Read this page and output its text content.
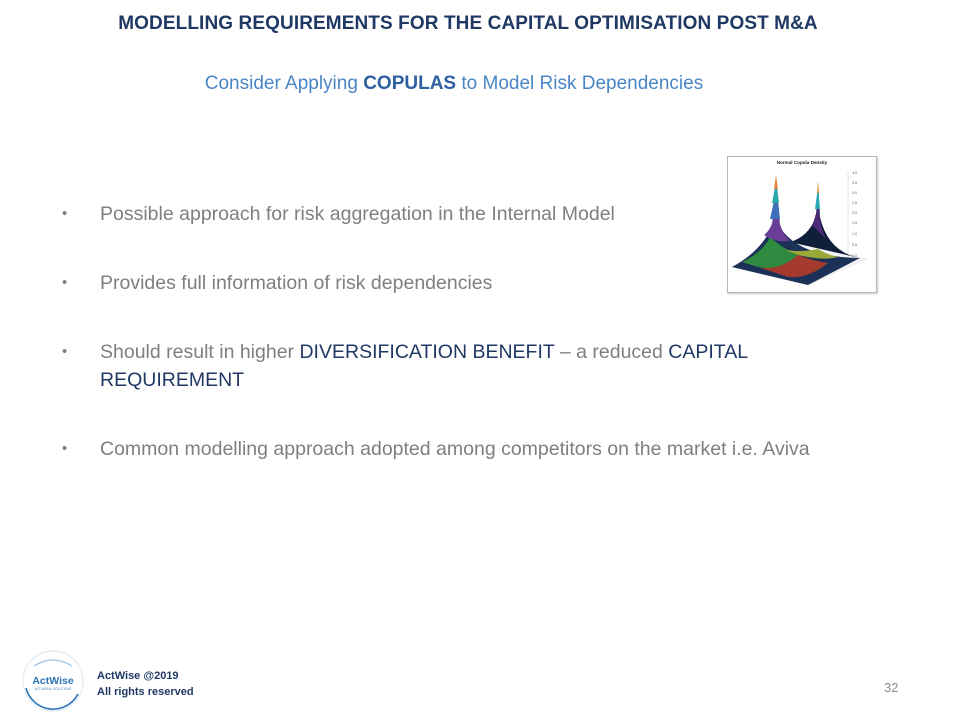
MODELLING REQUIREMENTS FOR THE CAPITAL OPTIMISATION POST M&A
Consider Applying COPULAS to Model Risk Dependencies
• Possible approach for risk aggregation in the Internal Model
• Provides full information of risk dependencies
• Should result in higher DIVERSIFICATION BENEFIT – a reduced CAPITAL REQUIREMENT
• Common modelling approach adopted among competitors on the market i.e. Aviva
Normal Copula Density
4.0
3.5
3.0
2.5
2.0
1.5
1.0
0.5
0.0
ActWise
ACTUARIAL SOLUTIONS
ActWise @2019
All rights reserved	32
